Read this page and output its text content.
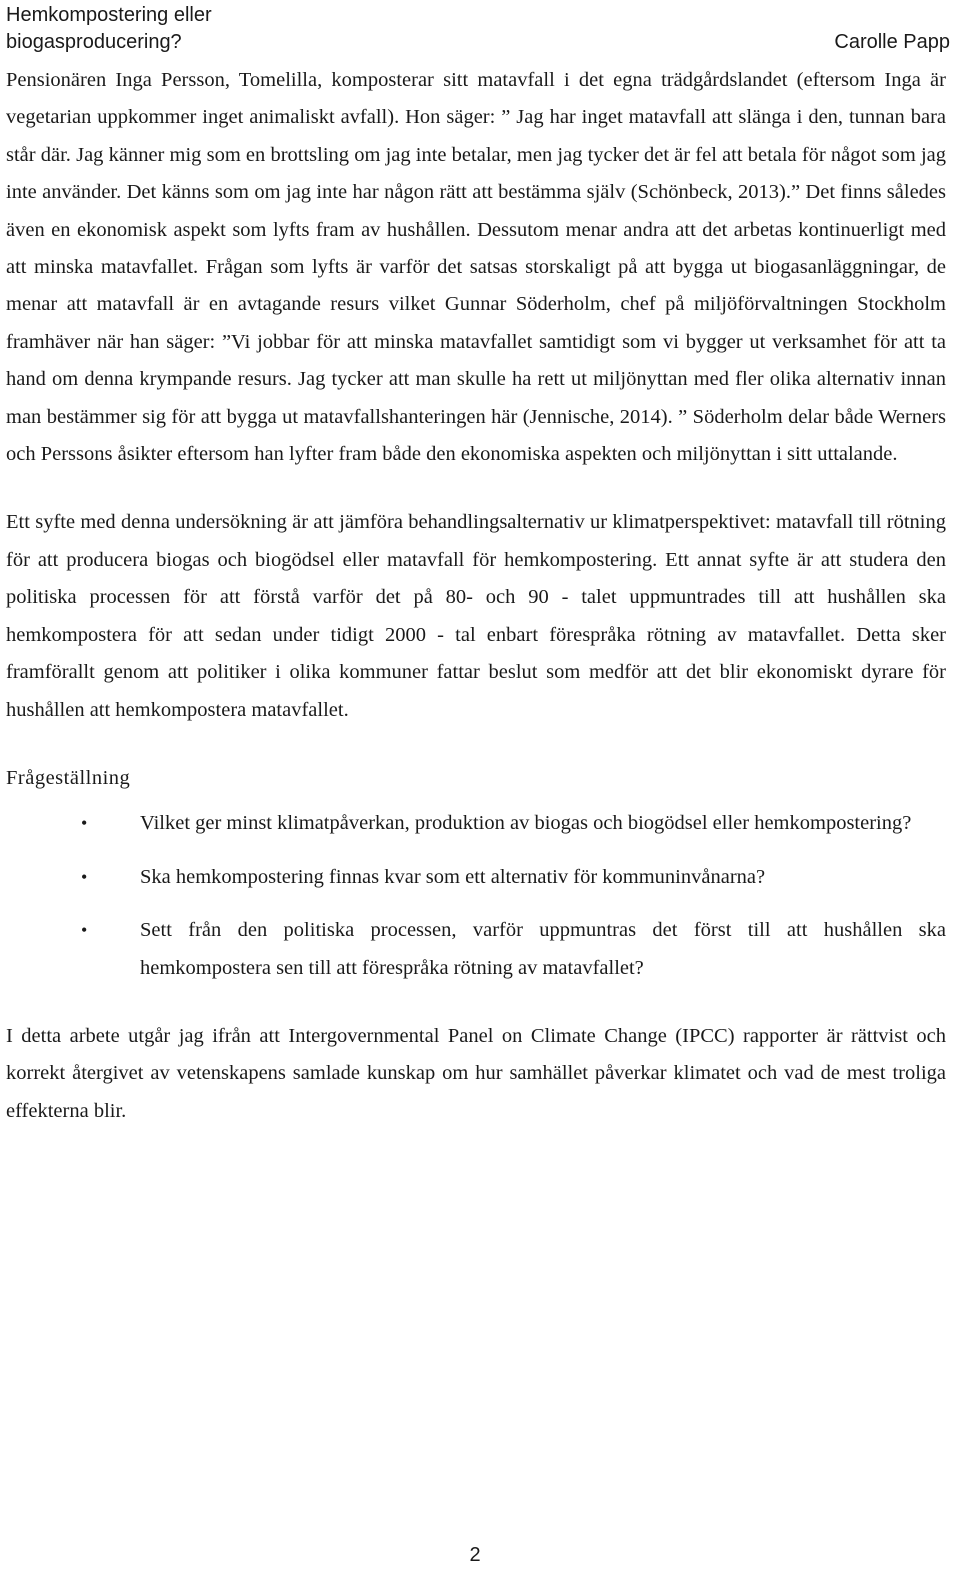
Hemkompostering eller biogasproducering?	Carolle Papp

Pensionären Inga Persson, Tomelilla, komposterar sitt matavfall i det egna trädgårdslandet (eftersom Inga är vegetarian uppkommer inget animaliskt avfall). Hon säger: ” Jag har inget matavfall att slänga i den, tunnan bara står där. Jag känner mig som en brottsling om jag inte betalar, men jag tycker det är fel att betala för något som jag inte använder. Det känns som om jag inte har någon rätt att bestämma själv (Schönbeck, 2013).” Det finns således även en ekonomisk aspekt som lyfts fram av hushållen. Dessutom menar andra att det arbetas kontinuerligt med att minska matavfallet. Frågan som lyfts är varför det satsas storskaligt på att bygga ut biogasanläggningar, de menar att matavfall är en avtagande resurs vilket Gunnar Söderholm, chef på miljöförvaltningen Stockholm framhäver när han säger: ”Vi jobbar för att minska matavfallet samtidigt som vi bygger ut verksamhet för att ta hand om denna krympande resurs. Jag tycker att man skulle ha rett ut miljönyttan med fler olika alternativ innan man bestämmer sig för att bygga ut matavfallshanteringen här (Jennische, 2014). ” Söderholm delar både Werners och Perssons åsikter eftersom han lyfter fram både den ekonomiska aspekten och miljönyttan i sitt uttalande.

Ett syfte med denna undersökning är att jämföra behandlingsalternativ ur klimatperspektivet: matavfall till rötning för att producera biogas och biogödsel eller matavfall för hemkompostering. Ett annat syfte är att studera den politiska processen för att förstå varför det på 80- och 90 - talet uppmuntrades till att hushållen ska hemkompostera för att sedan under tidigt 2000 - tal enbart förespråka rötning av matavfallet. Detta sker framförallt genom att politiker i olika kommuner fattar beslut som medför att det blir ekonomiskt dyrare för hushållen att hemkompostera matavfallet.

Frågeställning

•	Vilket ger minst klimatpåverkan, produktion av biogas och biogödsel eller hemkompostering?
•	Ska hemkompostering finnas kvar som ett alternativ för kommuninvånarna?
•	Sett från den politiska processen, varför uppmuntras det först till att hushållen ska hemkompostera sen till att förespråka rötning av matavfallet?

I detta arbete utgår jag ifrån att Intergovernmental Panel on Climate Change (IPCC) rapporter är rättvist och korrekt återgivet av vetenskapens samlade kunskap om hur samhället påverkar klimatet och vad de mest troliga effekterna blir.

2
